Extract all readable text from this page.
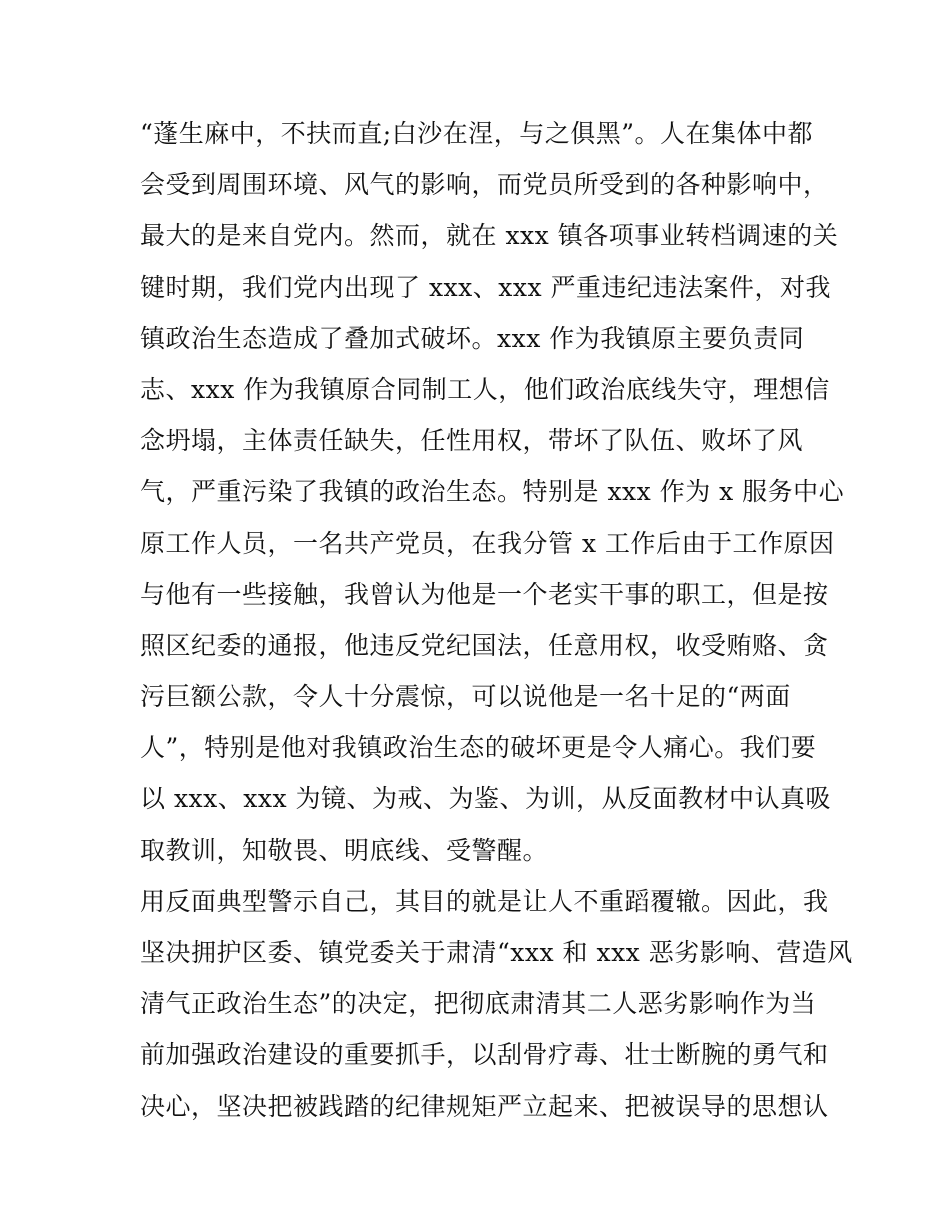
“蓬生麻中，不扶而直;白沙在涅，与之俱黑”。人在集体中都
会受到周围环境、风气的影响，而党员所受到的各种影响中，
最大的是来自党内。然而，就在 xxx 镇各项事业转档调速的关
键时期，我们党内出现了 xxx、xxx 严重违纪违法案件，对我
镇政治生态造成了叠加式破坏。xxx 作为我镇原主要负责同
志、xxx 作为我镇原合同制工人，他们政治底线失守，理想信
念坍塌，主体责任缺失，任性用权，带坏了队伍、败坏了风
气，严重污染了我镇的政治生态。特别是 xxx 作为 x 服务中心
原工作人员，一名共产党员，在我分管 x 工作后由于工作原因
与他有一些接触，我曾认为他是一个老实干事的职工，但是按
照区纪委的通报，他违反党纪国法，任意用权，收受贿赂、贪
污巨额公款，令人十分震惊，可以说他是一名十足的“两面
人”，特别是他对我镇政治生态的破坏更是令人痛心。我们要
以 xxx、xxx 为镜、为戒、为鉴、为训，从反面教材中认真吸
取教训，知敬畏、明底线、受警醒。
用反面典型警示自己，其目的就是让人不重蹈覆辙。因此，我
坚决拥护区委、镇党委关于肃清“xxx 和 xxx 恶劣影响、营造风
清气正政治生态”的决定，把彻底肃清其二人恶劣影响作为当
前加强政治建设的重要抓手，以刮骨疗毒、壮士断腕的勇气和
决心，坚决把被践踏的纪律规矩严立起来、把被误导的思想认
